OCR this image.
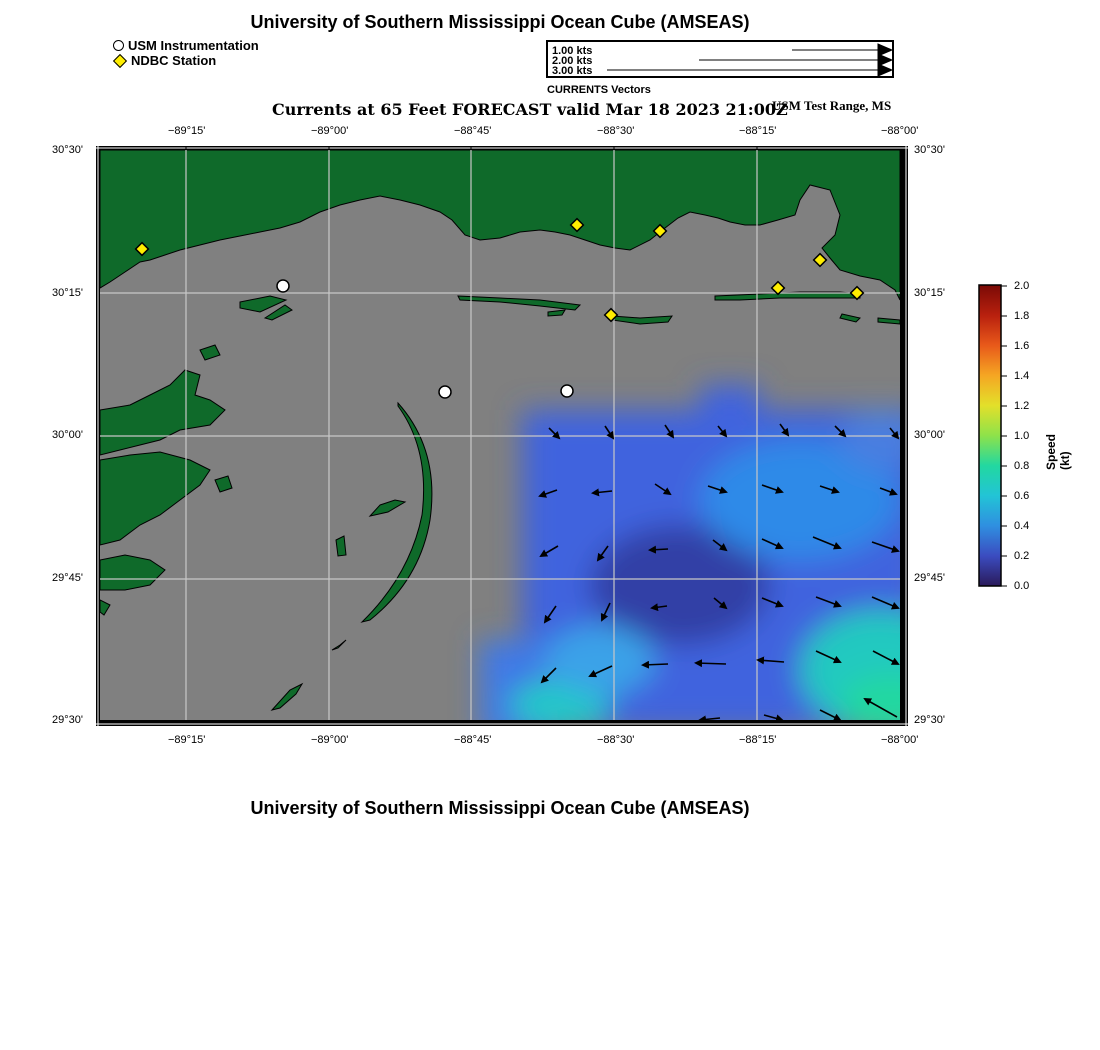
University of Southern Mississippi Ocean Cube (AMSEAS)
USM Instrumentation
NDBC Station
1.00 kts
2.00 kts
3.00 kts
CURRENTS Vectors
Currents at 65 Feet FORECAST valid Mar 18 2023 21:00Z
USM Test Range, MS
−89°15'	−89°00'	−88°45'	−88°30'	−88°15'	−88°00'
−89°15'	−89°00'	−88°45'	−88°30'	−88°15'	−88°00'
30°30'
30°15'
30°00'
29°45'
29°30'
30°30'
30°15'
30°00'
29°45'
29°30'
2.0
1.8
1.6
1.4
1.2
1.0
0.8
0.6
0.4
0.2
0.0
Speed (kt)
University of Southern Mississippi Ocean Cube (AMSEAS)
